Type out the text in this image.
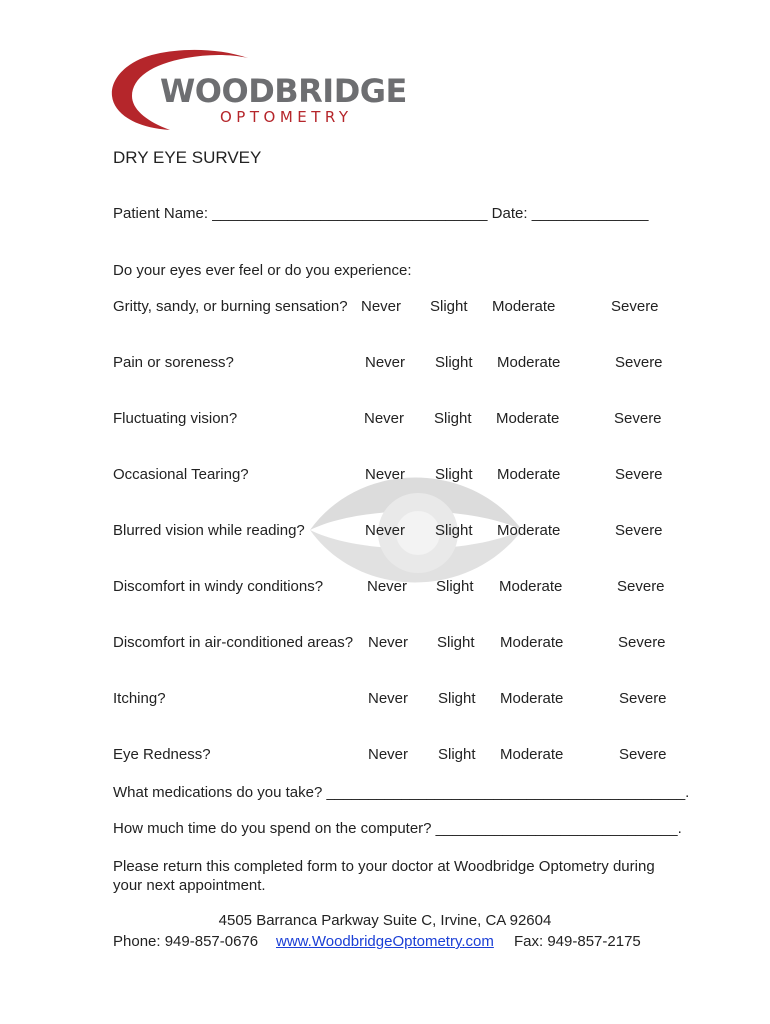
WOODBRIDGE
OPTOMETRY
DRY EYE SURVEY
Patient Name: _________________________________ Date: ______________
Do your eyes ever feel or do you experience:
Gritty, sandy, or burning sensation? Never Slight Moderate	Severe
Pain or soreness?	Never Slight Moderate	Severe
Fluctuating vision?	Never Slight Moderate	Severe
Occasional Tearing?	Never Slight Moderate	Severe
Blurred vision while reading?	Never Slight Moderate	Severe
Discomfort in windy conditions?	Never Slight Moderate	Severe
Discomfort in air-conditioned areas? Never Slight Moderate	Severe
Itching?	Never Slight Moderate	Severe
Eye Redness?	Never Slight Moderate	Severe
What medications do you take? ___________________________________________.
How much time do you spend on the computer? _____________________________.
Please return this completed form to your doctor at Woodbridge Optometry during
your next appointment.
4505 Barranca Parkway Suite C, Irvine, CA 92604
Phone: 949-857-0676 www.WoodbridgeOptometry.com Fax: 949-857-2175
